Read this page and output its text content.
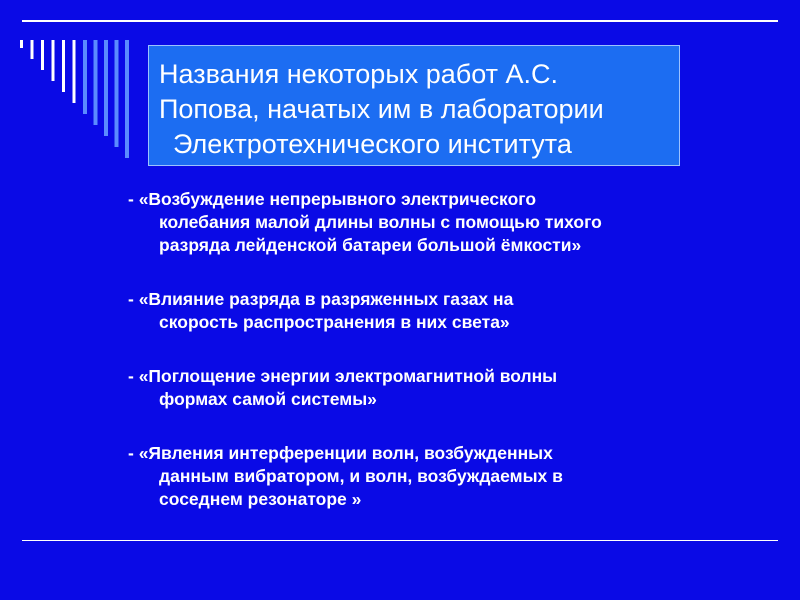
Названия некоторых работ А.С.
Попова, начатых им в лаборатории
Электротехнического института
- «Возбуждение непрерывного электрического
колебания малой длины волны с помощью тихого
разряда лейденской батареи большой ёмкости»
- «Влияние разряда в разряженных газах на
скорость распространения в них света»
- «Поглощение энергии электромагнитной волны
формах самой системы»
- «Явления интерференции волн, возбужденных
данным вибратором, и волн, возбуждаемых в
соседнем резонаторе »
